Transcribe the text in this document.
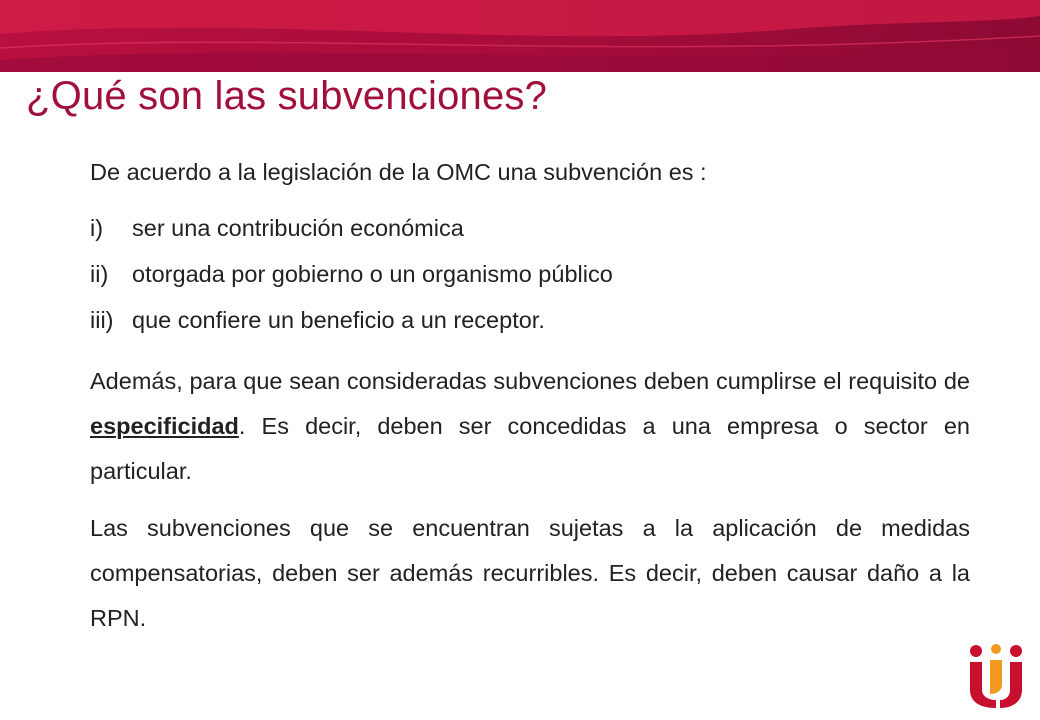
¿Qué son las subvenciones?
De acuerdo a la legislación de la OMC una subvención es :
i) ser una contribución económica
ii) otorgada por gobierno o un organismo público
iii) que confiere un beneficio a un receptor.
Además, para que sean consideradas subvenciones deben cumplirse el requisito de especificidad. Es decir, deben ser concedidas a una empresa o sector en particular.
Las subvenciones que se encuentran sujetas a la aplicación de medidas compensatorias, deben ser además recurribles. Es decir, deben causar daño a la RPN.
